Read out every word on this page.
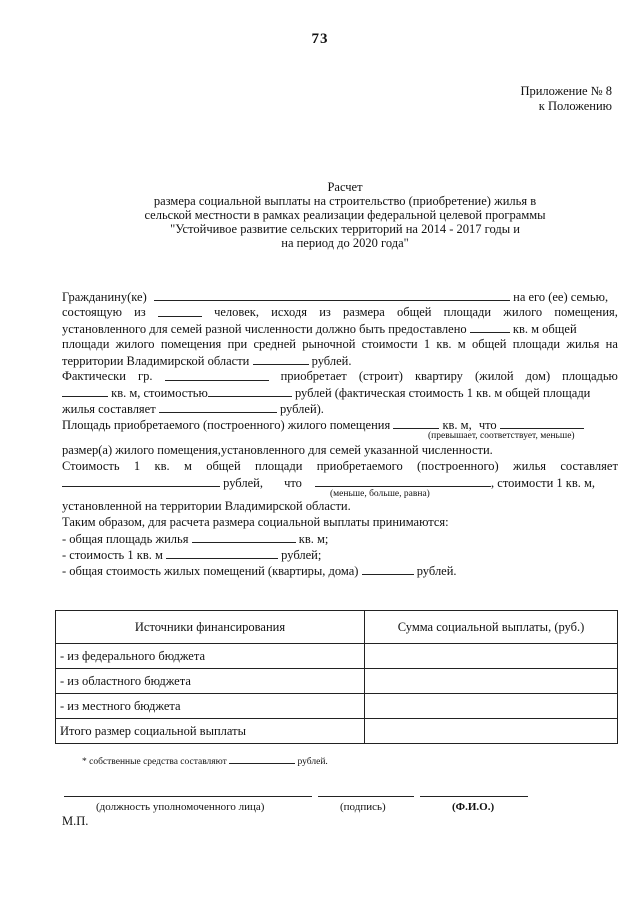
73
Приложение № 8
к Положению
Расчет
размера социальной выплаты на строительство (приобретение) жилья в
сельской местности в рамках реализации федеральной целевой программы
"Устойчивое развитие сельских территорий на 2014 - 2017 годы и
на период до 2020 года"
Гражданину(ке)	на его (ее) семью,
состоящую из	человек, исходя из размера общей площади жилого помещения,
установленного для семей разной численности должно быть предоставлено	кв. м общей
площади жилого помещения при средней рыночной стоимости 1 кв. м общей площади жилья на
территории Владимирской области	рублей.
Фактически гр.	приобретает (строит) квартиру (жилой дом) площадью
кв. м, стоимостью	рублей (фактическая стоимость 1 кв. м общей площади
жилья составляет	рублей).
Площадь приобретаемого (построенного) жилого помещения	кв. м, что
(превышает, соответствует, меньше)
размер(а) жилого помещения,установленного для семей указанной численности.
Стоимость 1 кв. м общей площади приобретаемого (построенного) жилья составляет
рублей, что	, стоимости 1 кв. м,
(меньше, больше, равна)
установленной на территории Владимирской области.
Таким образом, для расчета размера социальной выплаты принимаются:
- общая площадь жилья	кв. м;
- стоимость 1 кв. м	рублей;
- общая стоимость жилых помещений (квартиры, дома)	рублей.
Источники финансирования	Сумма социальной выплаты, (руб.)
- из федерального бюджета	
- из областного бюджета	
- из местного бюджета	
Итого размер социальной выплаты	
* собственные средства составляют	рублей.
(должность уполномоченного лица)	(подпись)	(Ф.И.О.)
М.П.
